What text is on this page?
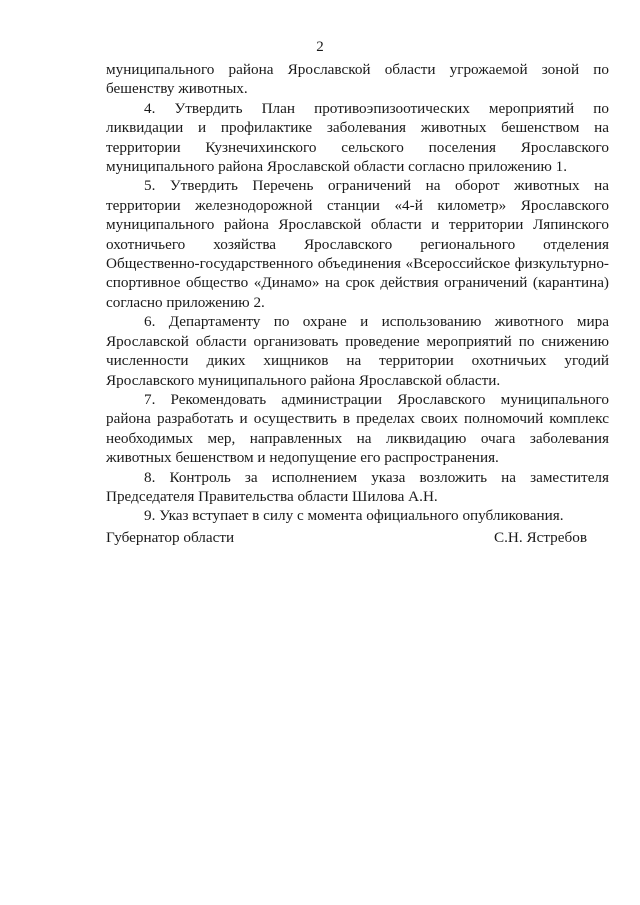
2

муниципального района Ярославской области угрожаемой зоной по бешенству животных.

4. Утвердить План противоэпизоотических мероприятий по ликвидации и профилактике заболевания животных бешенством на территории Кузнечихинского сельского поселения Ярославского муниципального района Ярославской области согласно приложению 1.

5. Утвердить Перечень ограничений на оборот животных на территории железнодорожной станции «4-й километр» Ярославского муниципального района Ярославской области и территории Ляпинского охотничьего хозяйства Ярославского регионального отделения Общественно-государственного объединения «Всероссийское физкультурно-спортивное общество «Динамо» на срок действия ограничений (карантина) согласно приложению 2.

6. Департаменту по охране и использованию животного мира Ярославской области организовать проведение мероприятий по снижению численности диких хищников на территории охотничьих угодий Ярославского муниципального района Ярославской области.

7. Рекомендовать администрации Ярославского муниципального района разработать и осуществить в пределах своих полномочий комплекс необходимых мер, направленных на ликвидацию очага заболевания животных бешенством и недопущение его распространения.

8. Контроль за исполнением указа возложить на заместителя Председателя Правительства области Шилова А.Н.

9. Указ вступает в силу с момента официального опубликования.

Губернатор области	С.Н. Ястребов
